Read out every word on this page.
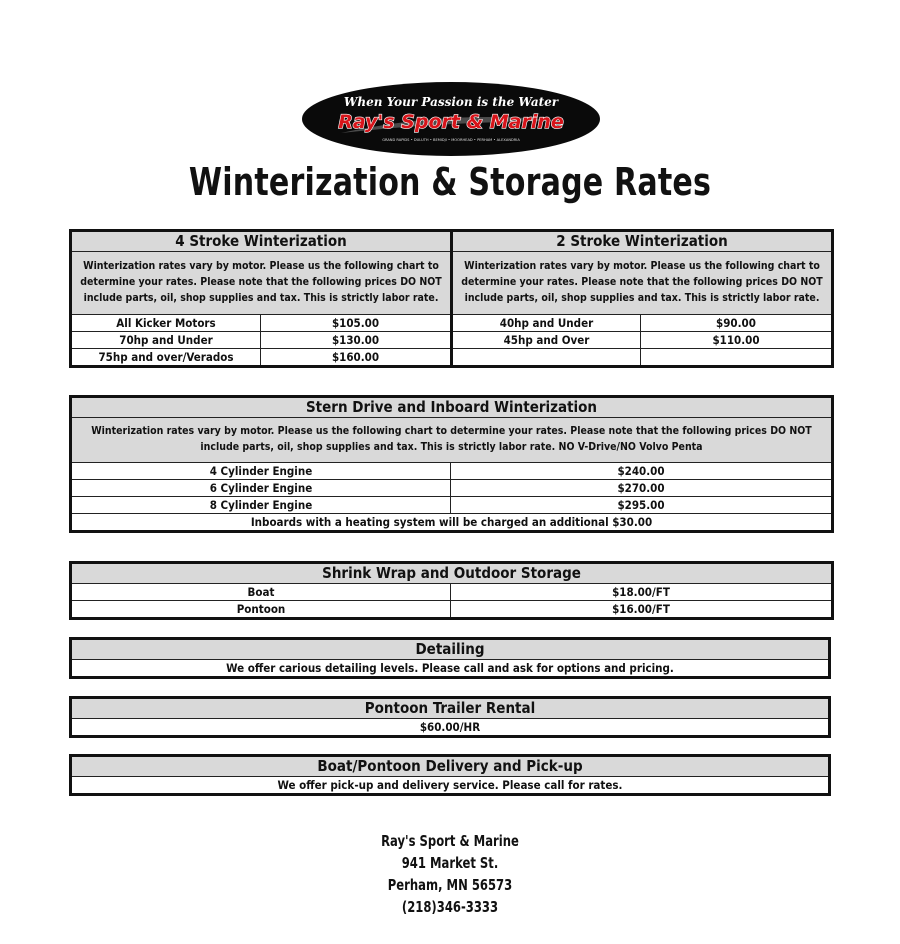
When Your Passion is the Water
Ray's Sport & Marine
GRAND RAPIDS • DULUTH • BEMIDJI • MOORHEAD • PERHAM • ALEXANDRIA
Winterization & Storage Rates
4 Stroke Winterization	
Winterization rates vary by motor. Please us the following chart to determine your rates. Please note that the following prices DO NOT include parts, oil, shop supplies and tax. This is strictly labor rate.	
All Kicker Motors	$105.00
70hp and Under	$130.00
75hp and over/Verados	$160.00
2 Stroke Winterization	
Winterization rates vary by motor. Please us the following chart to determine your rates. Please note that the following prices DO NOT include parts, oil, shop supplies and tax. This is strictly labor rate.	
40hp and Under	$90.00
45hp and Over	$110.00

Stern Drive and Inboard Winterization	
Winterization rates vary by motor. Please us the following chart to determine your rates. Please note that the following prices DO NOT include parts, oil, shop supplies and tax. This is strictly labor rate. NO V-Drive/NO Volvo Penta	
4 Cylinder Engine	$240.00
6 Cylinder Engine	$270.00
8 Cylinder Engine	$295.00
Inboards with a heating system will be charged an additional $30.00	
Shrink Wrap and Outdoor Storage	
Boat	$18.00/FT
Pontoon	$16.00/FT
Detailing
We offer carious detailing levels. Please call and ask for options and pricing.
Pontoon Trailer Rental
$60.00/HR
Boat/Pontoon Delivery and Pick-up
We offer pick-up and delivery service. Please call for rates.
Ray's Sport & Marine
941 Market St.
Perham, MN 56573
(218)346-3333
